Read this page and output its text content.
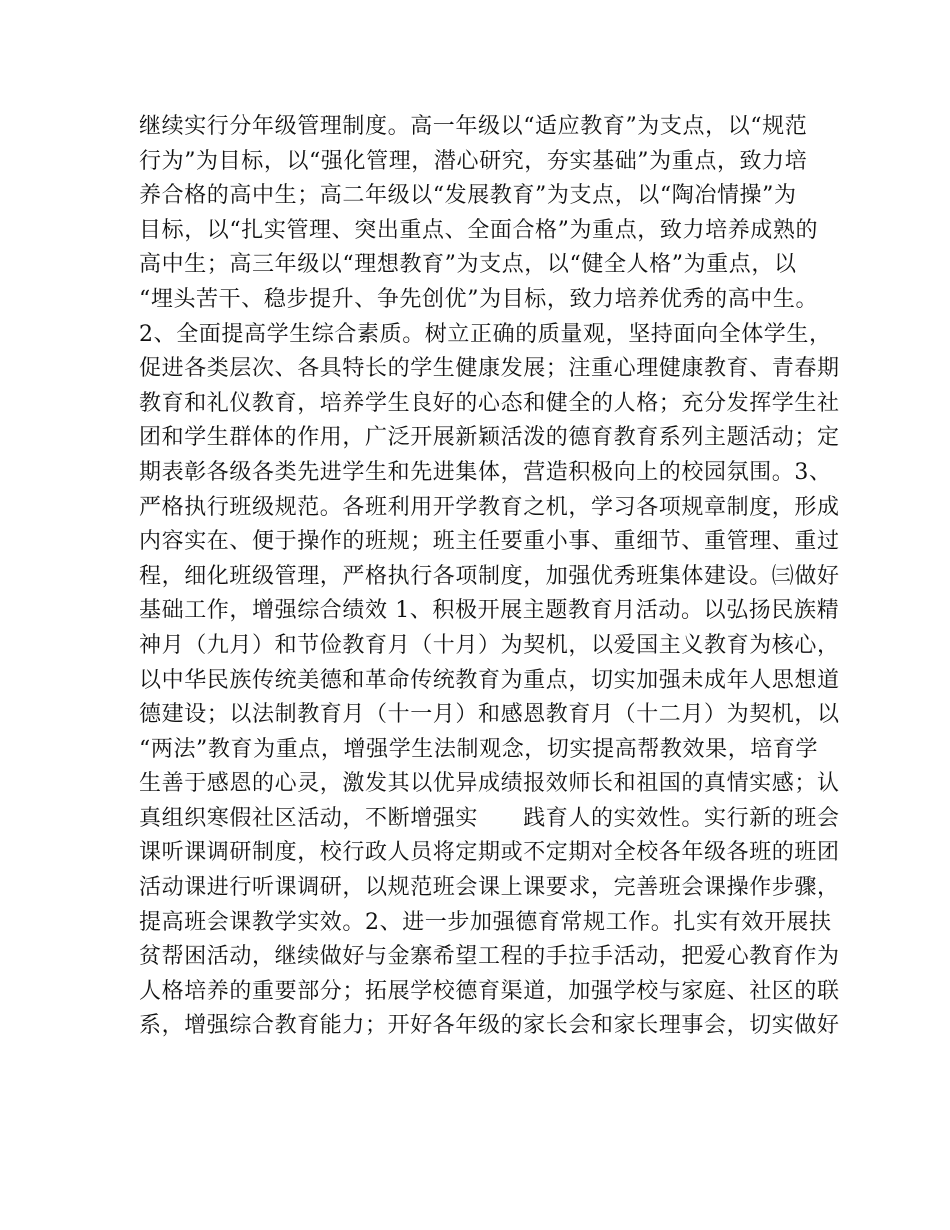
继续实行分年级管理制度。高一年级以“适应教育”为支点，以“规范
行为”为目标，以“强化管理，潜心研究，夯实基础”为重点，致力培
养合格的高中生；高二年级以“发展教育”为支点，以“陶冶情操”为
目标，以“扎实管理、突出重点、全面合格”为重点，致力培养成熟的
高中生；高三年级以“理想教育”为支点，以“健全人格”为重点，以
“埋头苦干、稳步提升、争先创优”为目标，致力培养优秀的高中生。
2、全面提高学生综合素质。树立正确的质量观，坚持面向全体学生，
促进各类层次、各具特长的学生健康发展；注重心理健康教育、青春期
教育和礼仪教育，培养学生良好的心态和健全的人格；充分发挥学生社
团和学生群体的作用，广泛开展新颖活泼的德育教育系列主题活动；定
期表彰各级各类先进学生和先进集体，营造积极向上的校园氛围。3、
严格执行班级规范。各班利用开学教育之机，学习各项规章制度，形成
内容实在、便于操作的班规；班主任要重小事、重细节、重管理、重过
程，细化班级管理，严格执行各项制度，加强优秀班集体建设。㈢做好
基础工作，增强综合绩效 1、积极开展主题教育月活动。以弘扬民族精
神月（九月）和节俭教育月（十月）为契机，以爱国主义教育为核心，
以中华民族传统美德和革命传统教育为重点，切实加强未成年人思想道
德建设；以法制教育月（十一月）和感恩教育月（十二月）为契机，以
“两法”教育为重点，增强学生法制观念，切实提高帮教效果，培育学
生善于感恩的心灵，激发其以优异成绩报效师长和祖国的真情实感；认
真组织寒假社区活动，不断增强实　　践育人的实效性。实行新的班会
课听课调研制度，校行政人员将定期或不定期对全校各年级各班的班团
活动课进行听课调研，以规范班会课上课要求，完善班会课操作步骤，
提高班会课教学实效。2、进一步加强德育常规工作。扎实有效开展扶
贫帮困活动，继续做好与金寨希望工程的手拉手活动，把爱心教育作为
人格培养的重要部分；拓展学校德育渠道，加强学校与家庭、社区的联
系，增强综合教育能力；开好各年级的家长会和家长理事会，切实做好
